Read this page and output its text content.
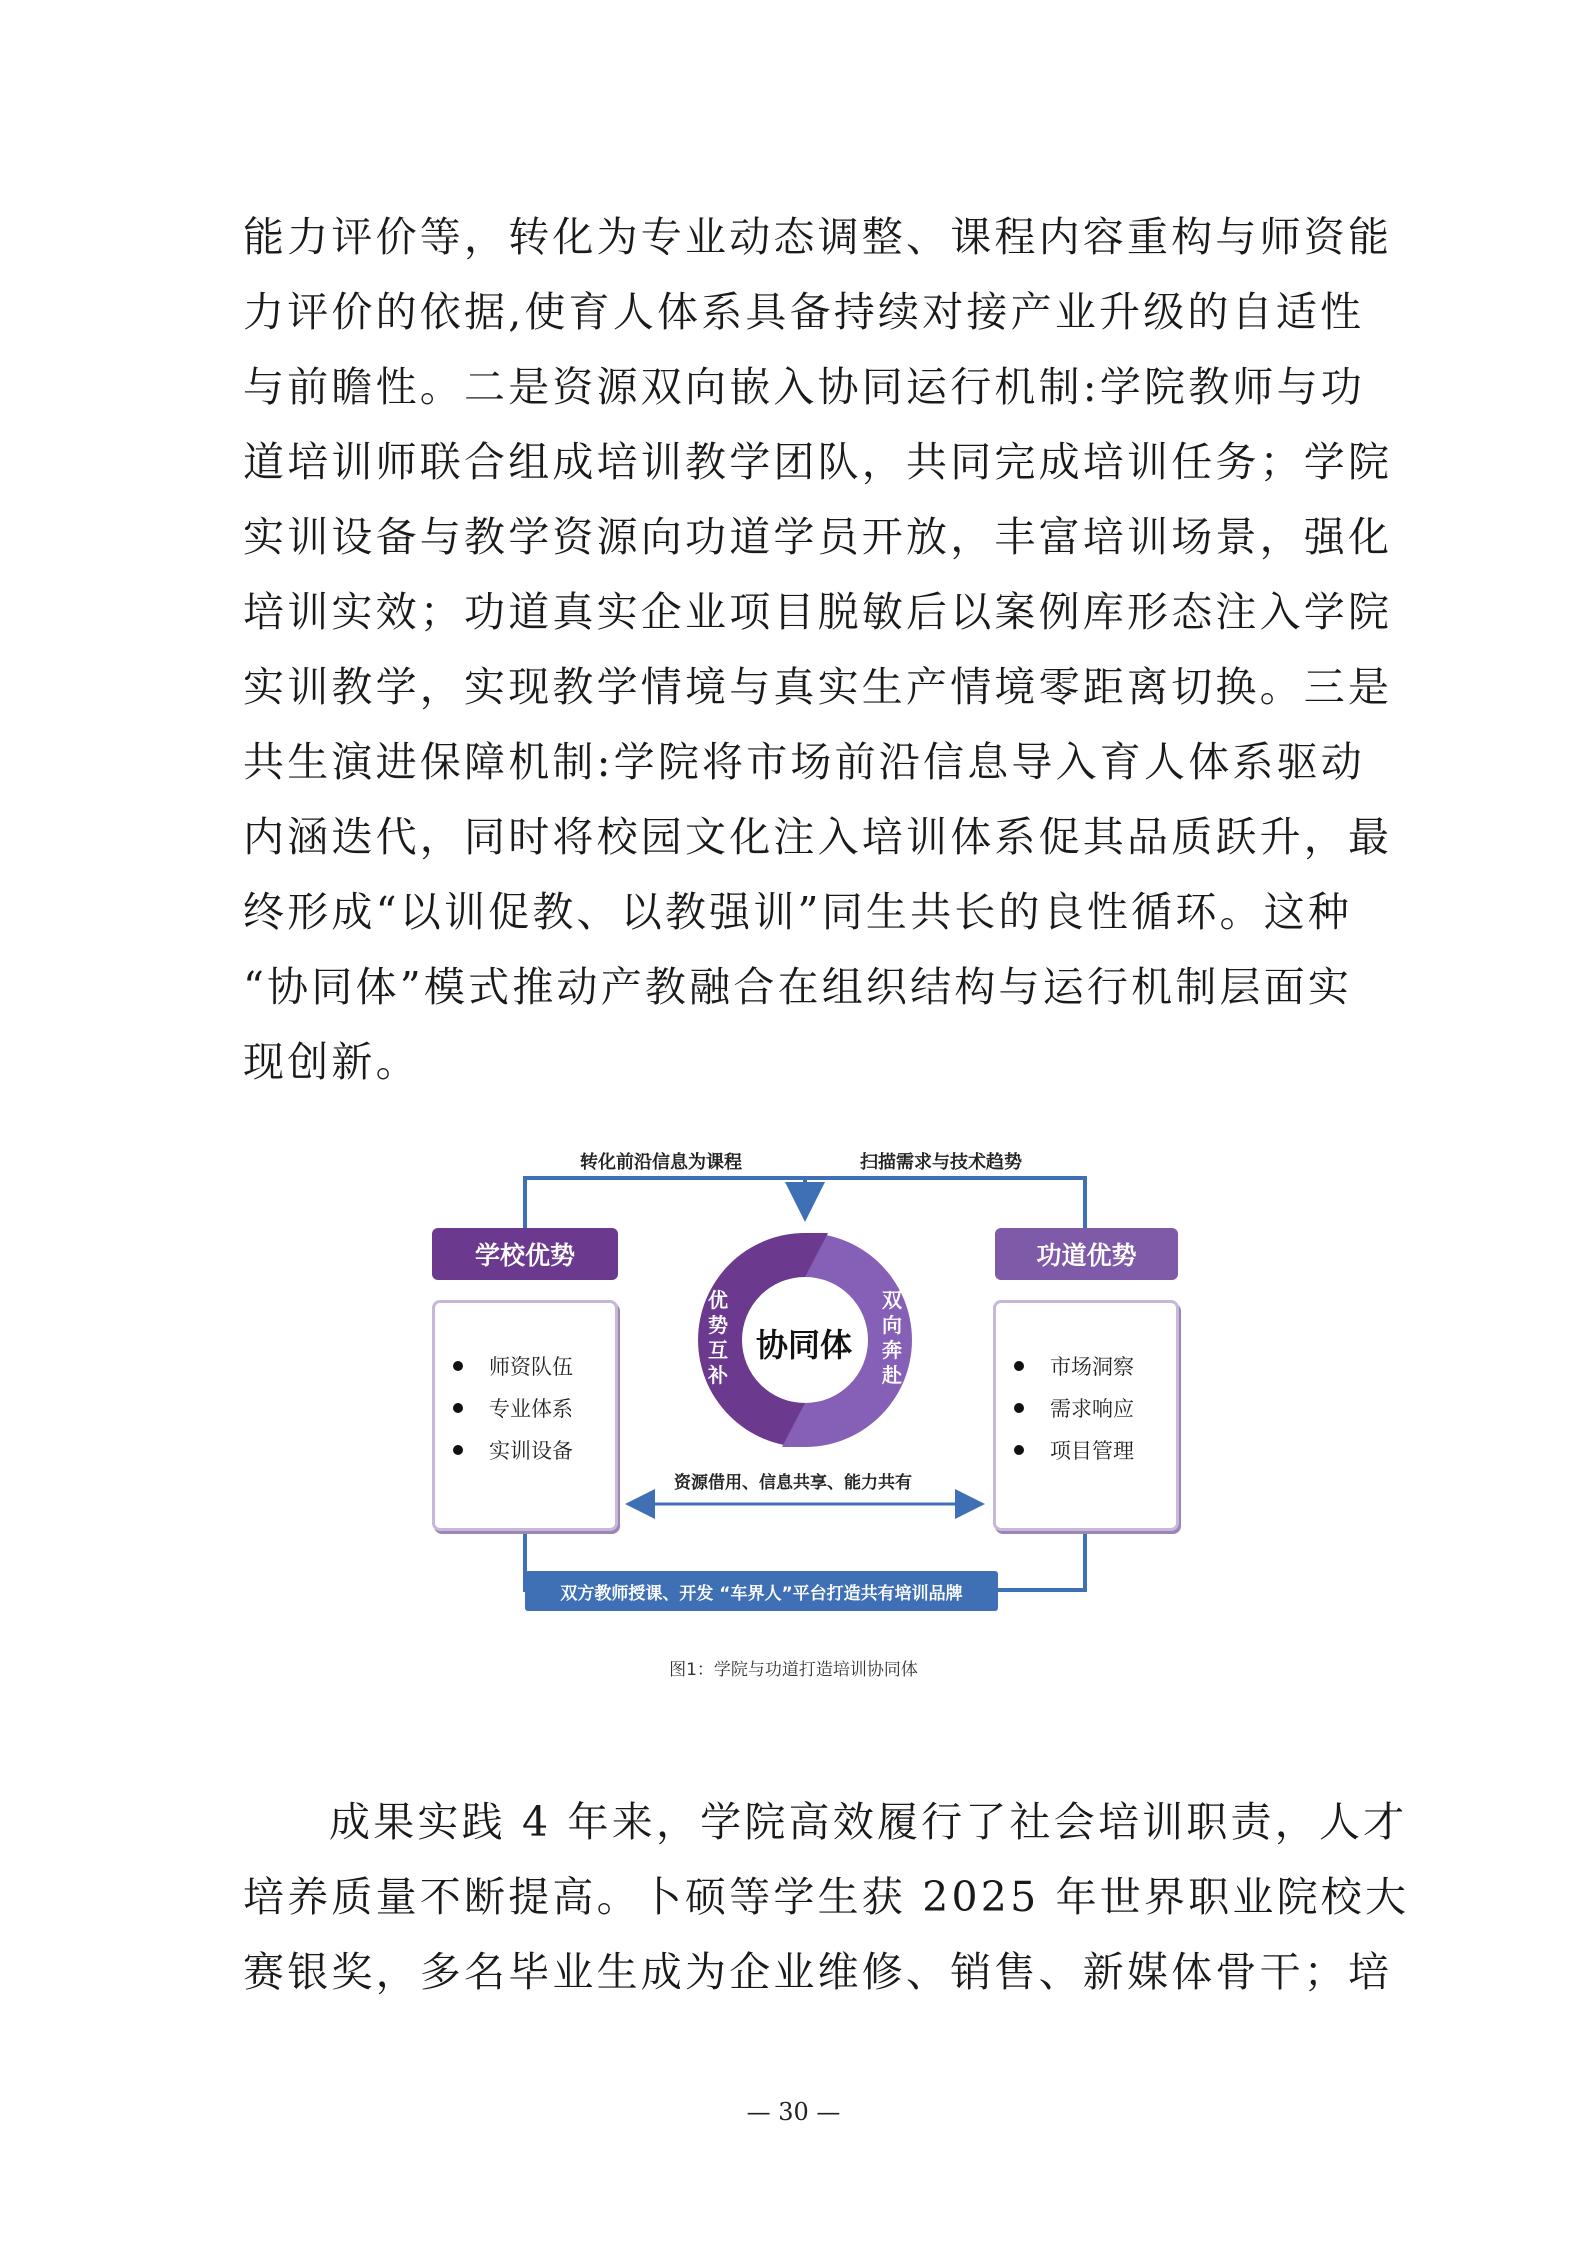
能力评价等，转化为专业动态调整、课程内容重构与师资能
力评价的依据,使育人体系具备持续对接产业升级的自适性
与前瞻性。二是资源双向嵌入协同运行机制:学院教师与功
道培训师联合组成培训教学团队，共同完成培训任务；学院
实训设备与教学资源向功道学员开放，丰富培训场景，强化
培训实效；功道真实企业项目脱敏后以案例库形态注入学院
实训教学，实现教学情境与真实生产情境零距离切换。三是
共生演进保障机制:学院将市场前沿信息导入育人体系驱动
内涵迭代，同时将校园文化注入培训体系促其品质跃升，最
终形成“以训促教、以教强训”同生共长的良性循环。这种
“协同体”模式推动产教融合在组织结构与运行机制层面实
现创新。
转化前沿信息为课程	扫描需求与技术趋势
学校优势	功道优势
师资队伍
专业体系
实训设备
市场洞察
需求响应
项目管理
协同体
优
势
互
补
双
向
奔
赴
资源借用、信息共享、能力共有
双方教师授课、开发 “车界人”平台打造共有培训品牌
图1：学院与功道打造培训协同体
成果实践 4 年来，学院高效履行了社会培训职责，人才
培养质量不断提高。卜硕等学生获 2025 年世界职业院校大
赛银奖，多名毕业生成为企业维修、销售、新媒体骨干；培
— 30 —
